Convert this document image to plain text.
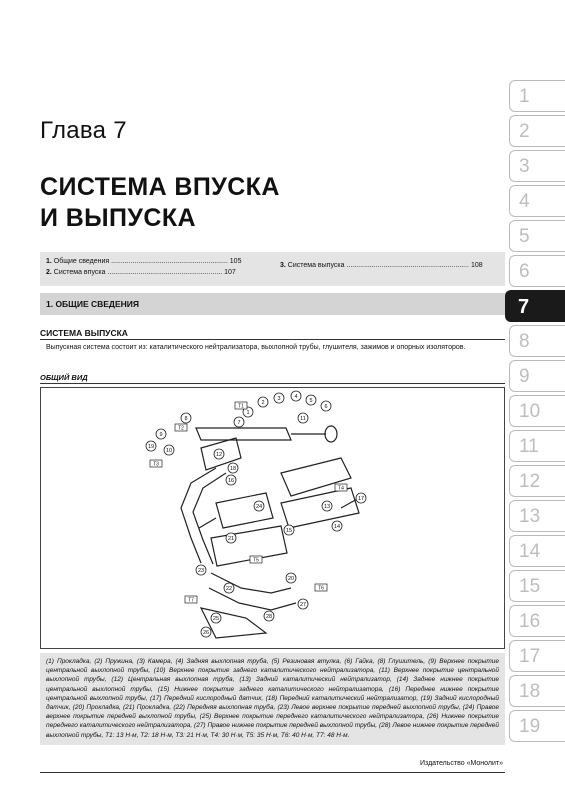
Глава 7
СИСТЕМА ВПУСКА
И ВЫПУСКА
1. Общие сведения ............................................................ 105
2. Система впуска ........................................................... 107
3. Система выпуска ............................................................... 108
1. ОБЩИЕ СВЕДЕНИЯ
СИСТЕМА ВЫПУСКА
Выпускная система состоит из: каталитического нейтрализатора, выхлопной трубы, глушителя, зажимов и опорных изоляторов.
ОБЩИЙ ВИД
1
2
3	4
5
6
7
8
9
10
11
12
13
14
15
16
17
18
19
20
21
22
23
24
25
26
27
28
T1
T2
T3
T4
T5
T6
T7
(1) Прокладка, (2) Пружина, (3) Камера, (4) Задняя выхлопная труба, (5) Резиновая втулка, (6) Гайка, (8) Глушитель, (9) Верхнее покрытие центральной выхлопной трубы, (10) Верхнее покрытие заднего каталитического нейтрализатора, (11) Верхнее покрытие центральной выхлопной трубы, (12) Центральная выхлопная труба, (13) Задний каталитический нейтрализатор, (14) Заднее нижнее покрытие центральной выхлопной трубы, (15) Нижнее покрытие заднего каталитического нейтрализатора, (16) Переднее нижнее покрытие центральной выхлопной трубы, (17) Передний кислородный датчик, (18) Передний каталитический нейтрализатор, (19) Задний кислородный датчик, (20) Прокладка, (21) Прокладка, (22) Передняя выхлопная труба, (23) Левое верхнее покрытие передней выхлопной трубы, (24) Правое верхнее покрытие передней выхлопной трубы, (25) Верхнее покрытие переднего каталитического нейтрализатора, (26) Нижнее покрытие переднего каталитического нейтрализатора, (27) Правое нижнее покрытие передней выхлопной трубы, (28) Левое нижнее покрытие передней выхлопной трубы, Т1: 13 Н·м, Т2: 18 Н·м, Т3: 21 Н·м, Т4: 30 Н·м, Т5: 35 Н·м, Т6: 40 Н·м, Т7: 48 Н·м.
Издательство «Монолит»
1
2
3
4
5
6
7
8
9
10
11
12
13
14
15
16
17
18
19
